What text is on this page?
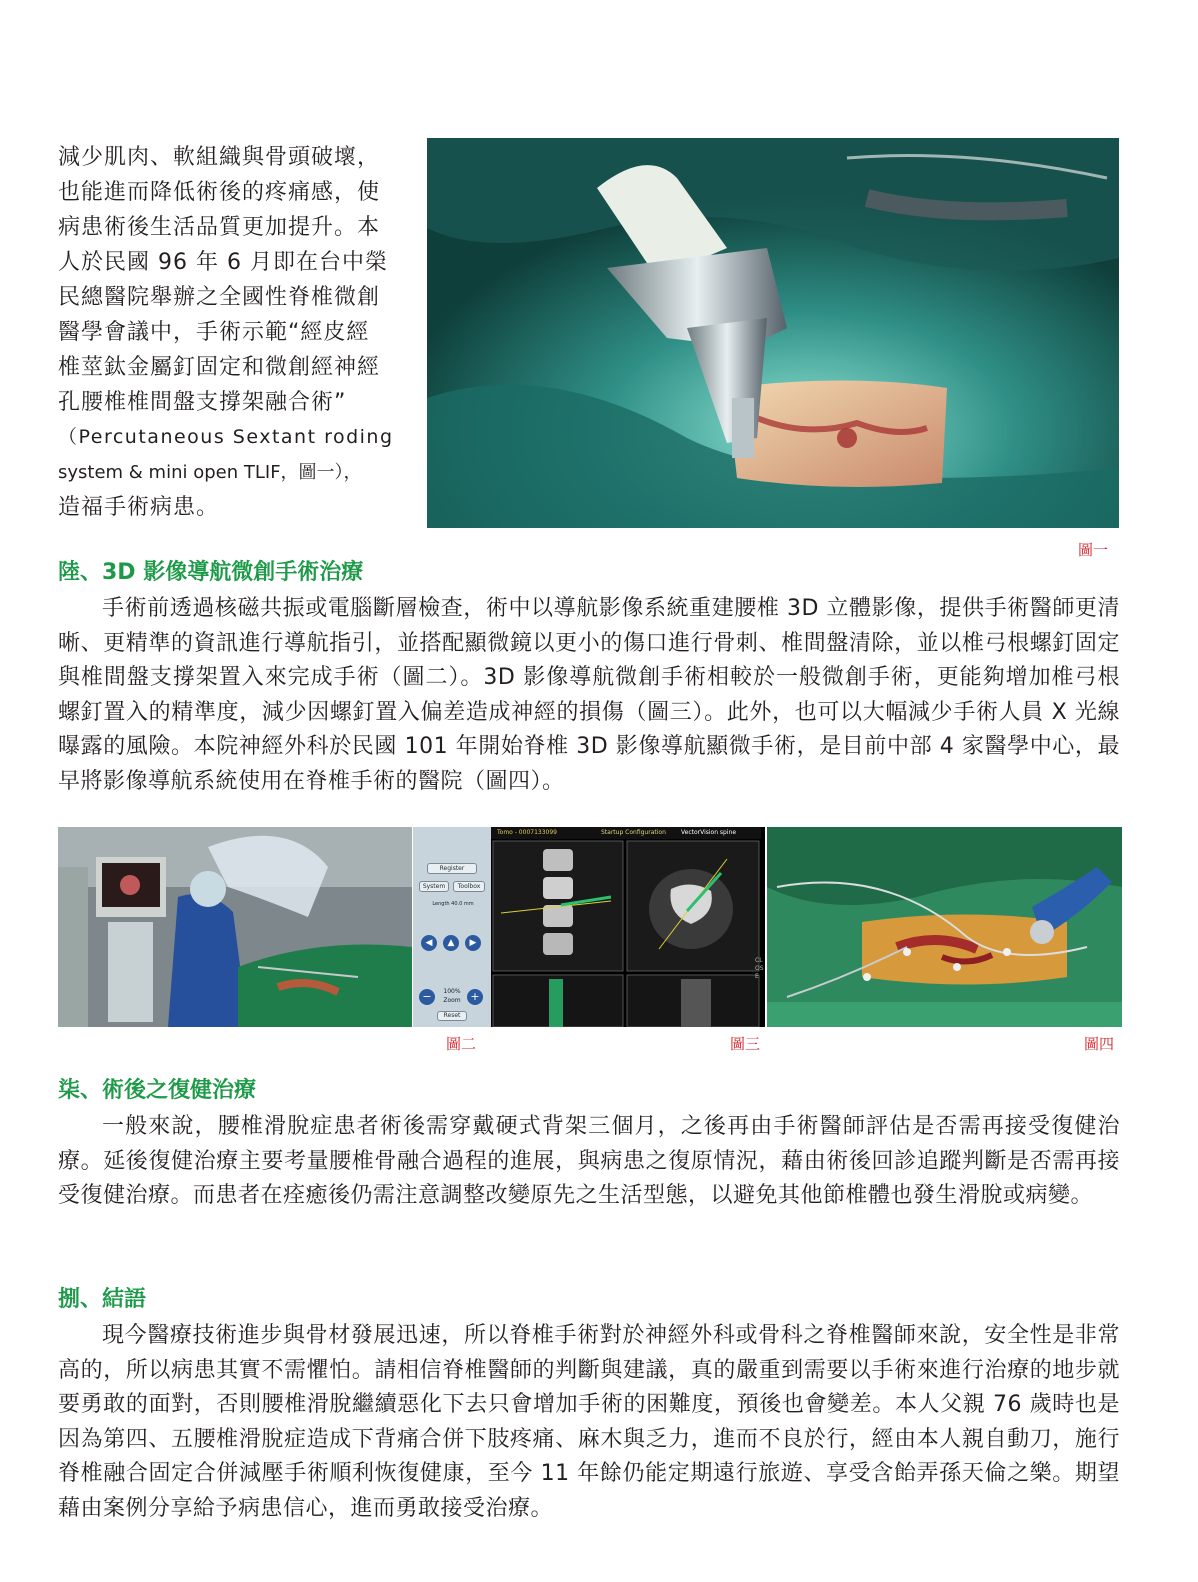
減少肌肉、軟組織與骨頭破壞，

也能進而降低術後的疼痛感，使

病患術後生活品質更加提升。本

人於民國 96 年 6 月即在台中榮

民總醫院舉辦之全國性脊椎微創

醫學會議中，手術示範“經皮經

椎莖鈦金屬釘固定和微創經神經

孔腰椎椎間盤支撐架融合術”

（Percutaneous Sextant roding

system & mini open TLIF，圖一），

造福手術病患。

圖一
陸、3D 影像導航微創手術治療

手術前透過核磁共振或電腦斷層檢查，術中以導航影像系統重建腰椎 3D 立體影像，提供手術醫師更清晰、更精準的資訊進行導航指引，並搭配顯微鏡以更小的傷口進行骨刺、椎間盤清除，並以椎弓根螺釘固定與椎間盤支撐架置入來完成手術（圖二）。3D 影像導航微創手術相較於一般微創手術，更能夠增加椎弓根螺釘置入的精準度，減少因螺釘置入偏差造成神經的損傷（圖三）。此外，也可以大幅減少手術人員 X 光線曝露的風險。本院神經外科於民國 101 年開始脊椎 3D 影像導航顯微手術，是目前中部 4 家醫學中心，最早將影像導航系統使用在脊椎手術的醫院（圖四）。

Register
System	Toolbox
Length 40.0 mm
◀	▲	▶
Zoom
100%
−	+
Reset
Tomo - 0007133099	Startup Configuration	VectorVision spine
CLOSE
圖二	圖三	圖四
柒、術後之復健治療

一般來說，腰椎滑脫症患者術後需穿戴硬式背架三個月，之後再由手術醫師評估是否需再接受復健治療。延後復健治療主要考量腰椎骨融合過程的進展，與病患之復原情況，藉由術後回診追蹤判斷是否需再接受復健治療。而患者在痊癒後仍需注意調整改變原先之生活型態，以避免其他節椎體也發生滑脫或病變。

捌、結語

現今醫療技術進步與骨材發展迅速，所以脊椎手術對於神經外科或骨科之脊椎醫師來說，安全性是非常高的，所以病患其實不需懼怕。請相信脊椎醫師的判斷與建議，真的嚴重到需要以手術來進行治療的地步就要勇敢的面對，否則腰椎滑脫繼續惡化下去只會增加手術的困難度，預後也會變差。本人父親 76 歲時也是因為第四、五腰椎滑脫症造成下背痛合併下肢疼痛、麻木與乏力，進而不良於行，經由本人親自動刀，施行脊椎融合固定合併減壓手術順利恢復健康，至今 11 年餘仍能定期遠行旅遊、享受含飴弄孫天倫之樂。期望藉由案例分享給予病患信心，進而勇敢接受治療。
